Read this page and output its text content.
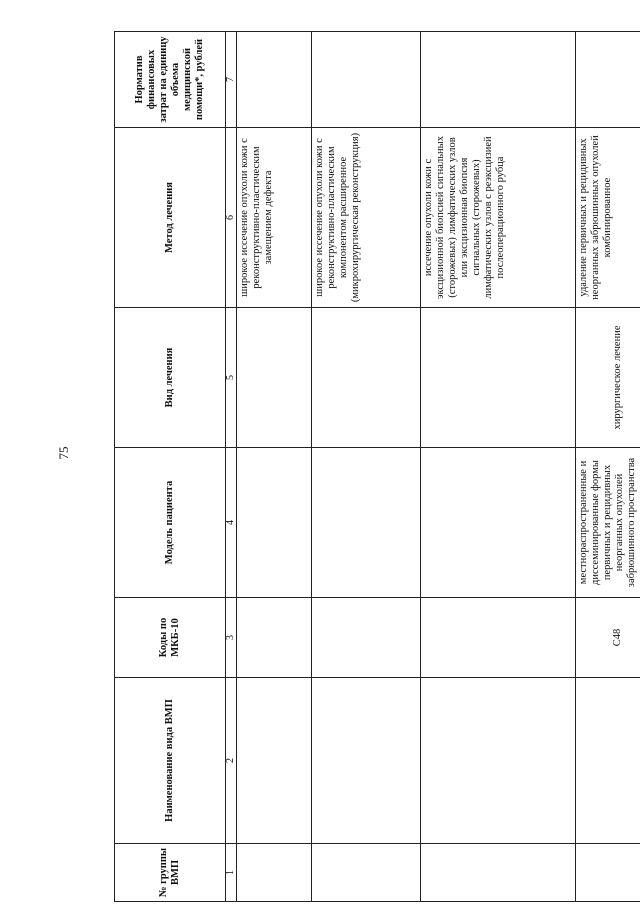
75
№ группы ВМП	Наименование вида ВМП	Коды по МКБ-10	Модель пациента	Вид лечения	Метод лечения	Норматив финансовых затрат на единицу объема медицинской помощи*, рублей
1	2	3	4	5	6	7
					широкое иссечение опухоли кожи с реконструктивно-пластическим замещением дефекта	
					широкое иссечение опухоли кожи с реконструктивно-пластическим компонентом расширенное (микрохирургическая реконструкция)	
					иссечение опухоли кожи с эксцизионной биопсией сигнальных (сторожевых) лимфатических узлов или эксцизионная биопсия сигнальных (сторожевых) лимфатических узлов с реэксцизией послеоперационного рубца	
		C48	местнораспространенные и диссеминированные формы первичных и рецидивных неорганных опухолей забрюшинного пространства	хирургическое лечение	удаление первичных и рецидивных неорганных забрюшинных опухолей комбинированное	
